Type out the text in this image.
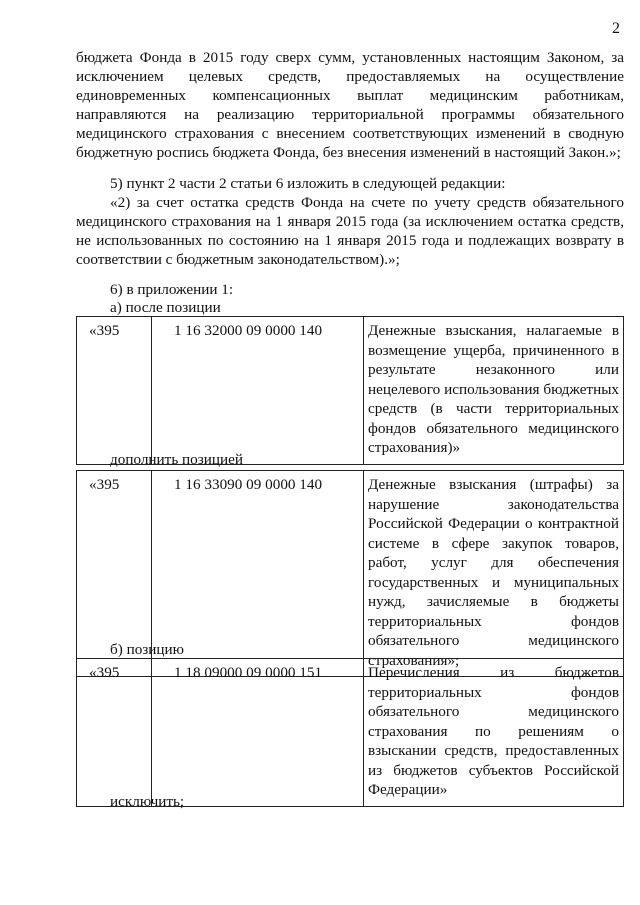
2
бюджета Фонда в 2015 году сверх сумм, установленных настоящим Законом, за исключением целевых средств, предоставляемых на осуществление единовременных компенсационных выплат медицинским работникам, направляются на реализацию территориальной программы обязательного медицинского страхования с внесением соответствующих изменений в сводную бюджетную роспись бюджета Фонда, без внесения изменений в настоящий Закон.»;
5) пункт 2 части 2 статьи 6 изложить в следующей редакции:
«2) за счет остатка средств Фонда на счете по учету средств обязательного медицинского страхования на 1 января 2015 года (за исключением остатка средств, не использованных по состоянию на 1 января 2015 года и подлежащих возврату в соответствии с бюджетным законодательством).»;
6) в приложении 1:
а) после позиции
«395	1 16 32000 09 0000 140	Денежные взыскания, налагаемые в возмещение ущерба, причиненного в результате незаконного или нецелевого использования бюджетных средств (в части территориальных фондов обязательного медицинского страхования)»
дополнить позицией
«395	1 16 33090 09 0000 140	Денежные взыскания (штрафы) за нарушение законодательства Российской Федерации о контрактной системе в сфере закупок товаров, работ, услуг для обеспечения государственных и муниципальных нужд, зачисляемые в бюджеты территориальных фондов обязательного медицинского страхования»;
б) позицию
«395	1 18 09000 09 0000 151	Перечисления из бюджетов территориальных фондов обязательного медицинского страхования по решениям о взыскании средств, предоставленных из бюджетов субъектов Российской Федерации»
исключить;
